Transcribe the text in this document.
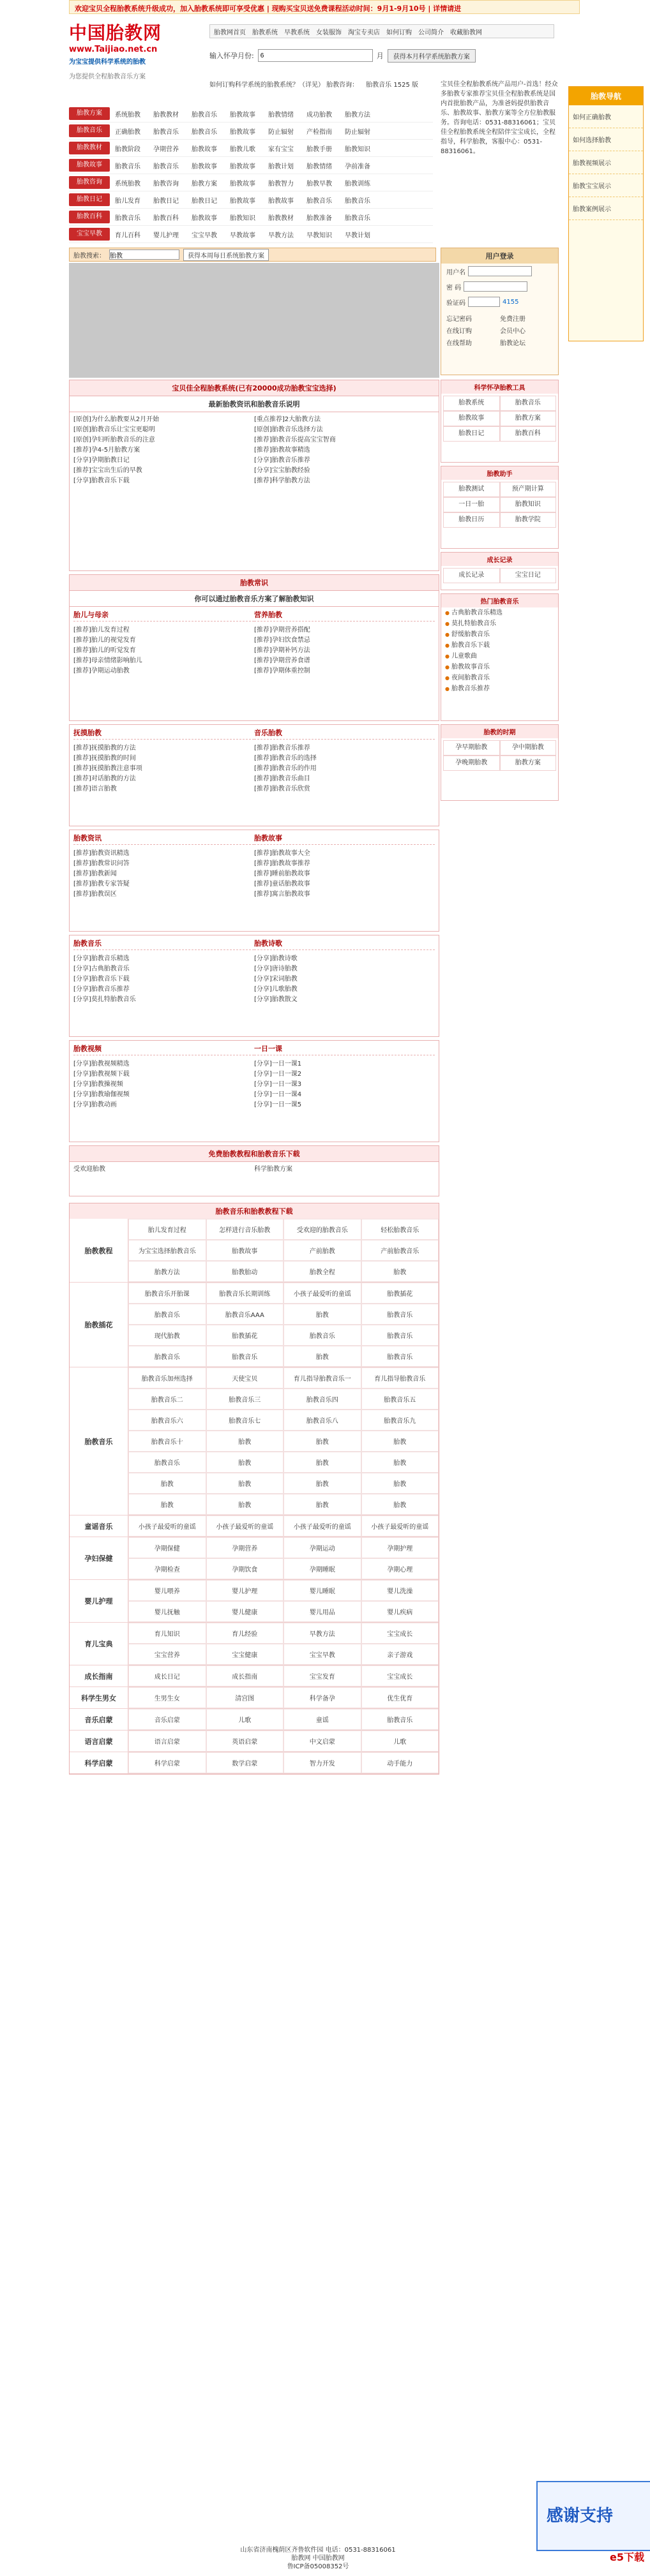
欢迎宝贝全程胎教系统升级成功，加入胎教系统即可享受优惠 | 现购买宝贝送免费课程活动时间：9月1-9月10号 | 详情请进
中国胎教网
www.Taijiao.net.cn
为宝宝提供科学系统的胎教
为您提供全程胎教音乐方案
胎教网首页 胎教系统 早教系统 女装服饰 淘宝专卖店 如何订购 公司简介 收藏胎教网
输入怀孕月份:
6	月	获得本月科学系统胎教方案
如何订购科学系统的胎教系统？（详见） 胎教咨询： 胎教音乐 1525 版
胎教导航
如何正确胎教
如何选择胎教
胎教视频展示
胎教宝宝展示
胎教案例展示
胎教方案	系统胎教	胎教教材	胎教音乐	胎教故事	胎教情绪	成功胎教	胎教方法
胎教音乐	正确胎教	胎教音乐	胎教音乐	胎教故事	防止辐射	产检指南	防止辐射
胎教教材	胎教阶段	孕期营养	胎教故事	胎教儿歌	家有宝宝	胎教手册	胎教知识
胎教故事	胎教音乐	胎教音乐	胎教故事	胎教故事	胎教计划	胎教情绪	孕前准备
胎教咨询	系统胎教	胎教咨询	胎教方案	胎教故事	胎教智力	胎教早教	胎教训练
胎教日记	胎儿发育	胎教日记	胎教日记	胎教故事	胎教故事	胎教音乐	胎教音乐
胎教百科	胎教音乐	胎教百科	胎教故事	胎教知识	胎教教材	胎教准备	胎教音乐
宝宝早教	育儿百科	婴儿护理	宝宝早教	早教故事	早教方法	早教知识	早教计划
宝贝佳全程胎教系统产品用户-首选！经众多胎教专家推荐宝贝佳全程胎教系统是国内首批胎教产品，为准爸妈提供胎教音乐、胎教故事、胎教方案等全方位胎教服务。咨询电话：0531-88316061；宝贝佳全程胎教系统全程陪伴宝宝成长，全程指导，科学胎教，客服中心：0531-88316061。
胎教搜索：
胎教	获得本周每日系统胎教方案	用户登录
用户名
密 码
验证码	4155
忘记密码	免费注册
在线订购	会员中心
在线帮助	胎教论坛
宝贝佳全程胎教系统(已有20000成功胎教宝宝选择)
最新胎教资讯和胎教音乐说明
[原创]为什么胎教要从2月开始	[重点推荐]2大胎教方法
[原创]胎教音乐让宝宝更聪明	[原创]胎教音乐选择方法
[原创]孕妇听胎教音乐的注意	[推荐]胎教音乐提高宝宝智商
[推荐]孕4-5月胎教方案	[推荐]胎教故事精选
[分享]孕期胎教日记	[分享]胎教音乐推荐
[推荐]宝宝出生后的早教	[分享]宝宝胎教经验
[分享]胎教音乐下载	[推荐]科学胎教方法
胎教常识
你可以通过胎教音乐方案了解胎教知识
胎儿与母亲	营养胎教
[推荐]胎儿发育过程	[推荐]孕期营养搭配
[推荐]胎儿的视觉发育	[推荐]孕妇饮食禁忌
[推荐]胎儿的听觉发育	[推荐]孕期补钙方法
[推荐]母亲情绪影响胎儿	[推荐]孕期营养食谱
[推荐]孕期运动胎教	[推荐]孕期体重控制
抚摸胎教	音乐胎教
[推荐]抚摸胎教的方法	[推荐]胎教音乐推荐
[推荐]抚摸胎教的时间	[推荐]胎教音乐的选择
[推荐]抚摸胎教注意事项	[推荐]胎教音乐的作用
[推荐]对话胎教的方法	[推荐]胎教音乐曲目
[推荐]语言胎教	[推荐]胎教音乐欣赏
胎教资讯	胎教故事
[推荐]胎教资讯精选	[推荐]胎教故事大全
[推荐]胎教常识问答	[推荐]胎教故事推荐
[推荐]胎教新闻	[推荐]睡前胎教故事
[推荐]胎教专家答疑	[推荐]童话胎教故事
[推荐]胎教误区	[推荐]寓言胎教故事
胎教音乐	胎教诗歌
[分享]胎教音乐精选	[分享]胎教诗歌
[分享]古典胎教音乐	[分享]唐诗胎教
[分享]胎教音乐下载	[分享]宋词胎教
[分享]胎教音乐推荐	[分享]儿歌胎教
[分享]莫扎特胎教音乐	[分享]胎教散文
胎教视频	一日一课
[分享]胎教视频精选	[分享]一日一课1
[分享]胎教视频下载	[分享]一日一课2
[分享]胎教操视频	[分享]一日一课3
[分享]胎教瑜伽视频	[分享]一日一课4
[分享]胎教动画	[分享]一日一课5
免费胎教教程和胎教音乐下载
受欢迎胎教	科学胎教方案
胎教音乐和胎教教程下载
胎教教程
胎儿发育过程	怎样进行音乐胎教	受欢迎的胎教音乐	轻松胎教音乐
为宝宝选择胎教音乐	胎教故事	产前胎教	产前胎教音乐
胎教方法	胎教胎动	胎教全程	胎教
胎教插花
胎教音乐开胎课	胎教音乐长期训练	小孩子最爱听的童谣	胎教插花
胎教音乐	胎教音乐AAA	胎教	胎教音乐
现代胎教	胎教插花	胎教音乐	胎教音乐
胎教音乐	胎教音乐	胎教	胎教音乐
胎教音乐
胎教音乐加州选择	天使宝贝	育儿指导胎教音乐一	育儿指导胎教音乐
胎教音乐二	胎教音乐三	胎教音乐四	胎教音乐五
胎教音乐六	胎教音乐七	胎教音乐八	胎教音乐九
胎教音乐十	胎教	胎教	胎教
胎教音乐	胎教	胎教	胎教
胎教	胎教	胎教	胎教
胎教	胎教	胎教	胎教
童谣音乐	小孩子最爱听的童谣	小孩子最爱听的童谣	小孩子最爱听的童谣	小孩子最爱听的童谣
孕妇保健
孕期保健	孕期营养	孕期运动	孕期护理
孕期检查	孕期饮食	孕期睡眠	孕期心理
婴儿护理
婴儿喂养	婴儿护理	婴儿睡眠	婴儿洗澡
婴儿抚触	婴儿健康	婴儿用品	婴儿疾病
育儿宝典
育儿知识	育儿经验	早教方法	宝宝成长
宝宝营养	宝宝健康	宝宝早教	亲子游戏
成长指南	成长日记	成长指南	宝宝发育	宝宝成长
科学生男女	生男生女	清宫图	科学备孕	优生优育
音乐启蒙	音乐启蒙	儿歌	童谣	胎教音乐
语言启蒙	语言启蒙	英语启蒙	中文启蒙	儿歌
科学启蒙	科学启蒙	数学启蒙	智力开发	动手能力
科学怀孕胎教工具
胎教系统	胎教音乐
胎教故事	胎教方案
胎教日记	胎教百科
胎教助手
胎教测试	预产期计算
一日一胎	胎教知识
胎教日历	胎教学院
成长记录
成长记录	宝宝日记
热门胎教音乐
● 古典胎教音乐精选
● 莫扎特胎教音乐
● 舒缓胎教音乐
● 胎教音乐下载
● 儿童歌曲
● 胎教故事音乐
● 夜间胎教音乐
● 胎教音乐推荐
胎教的时期
孕早期胎教	孕中期胎教
孕晚期胎教	胎教方案
感谢支持
e5下载
山东省济南槐荫区齐鲁软件园 电话：0531-88316061
胎教网 中国胎教网
鲁ICP备05008352号
